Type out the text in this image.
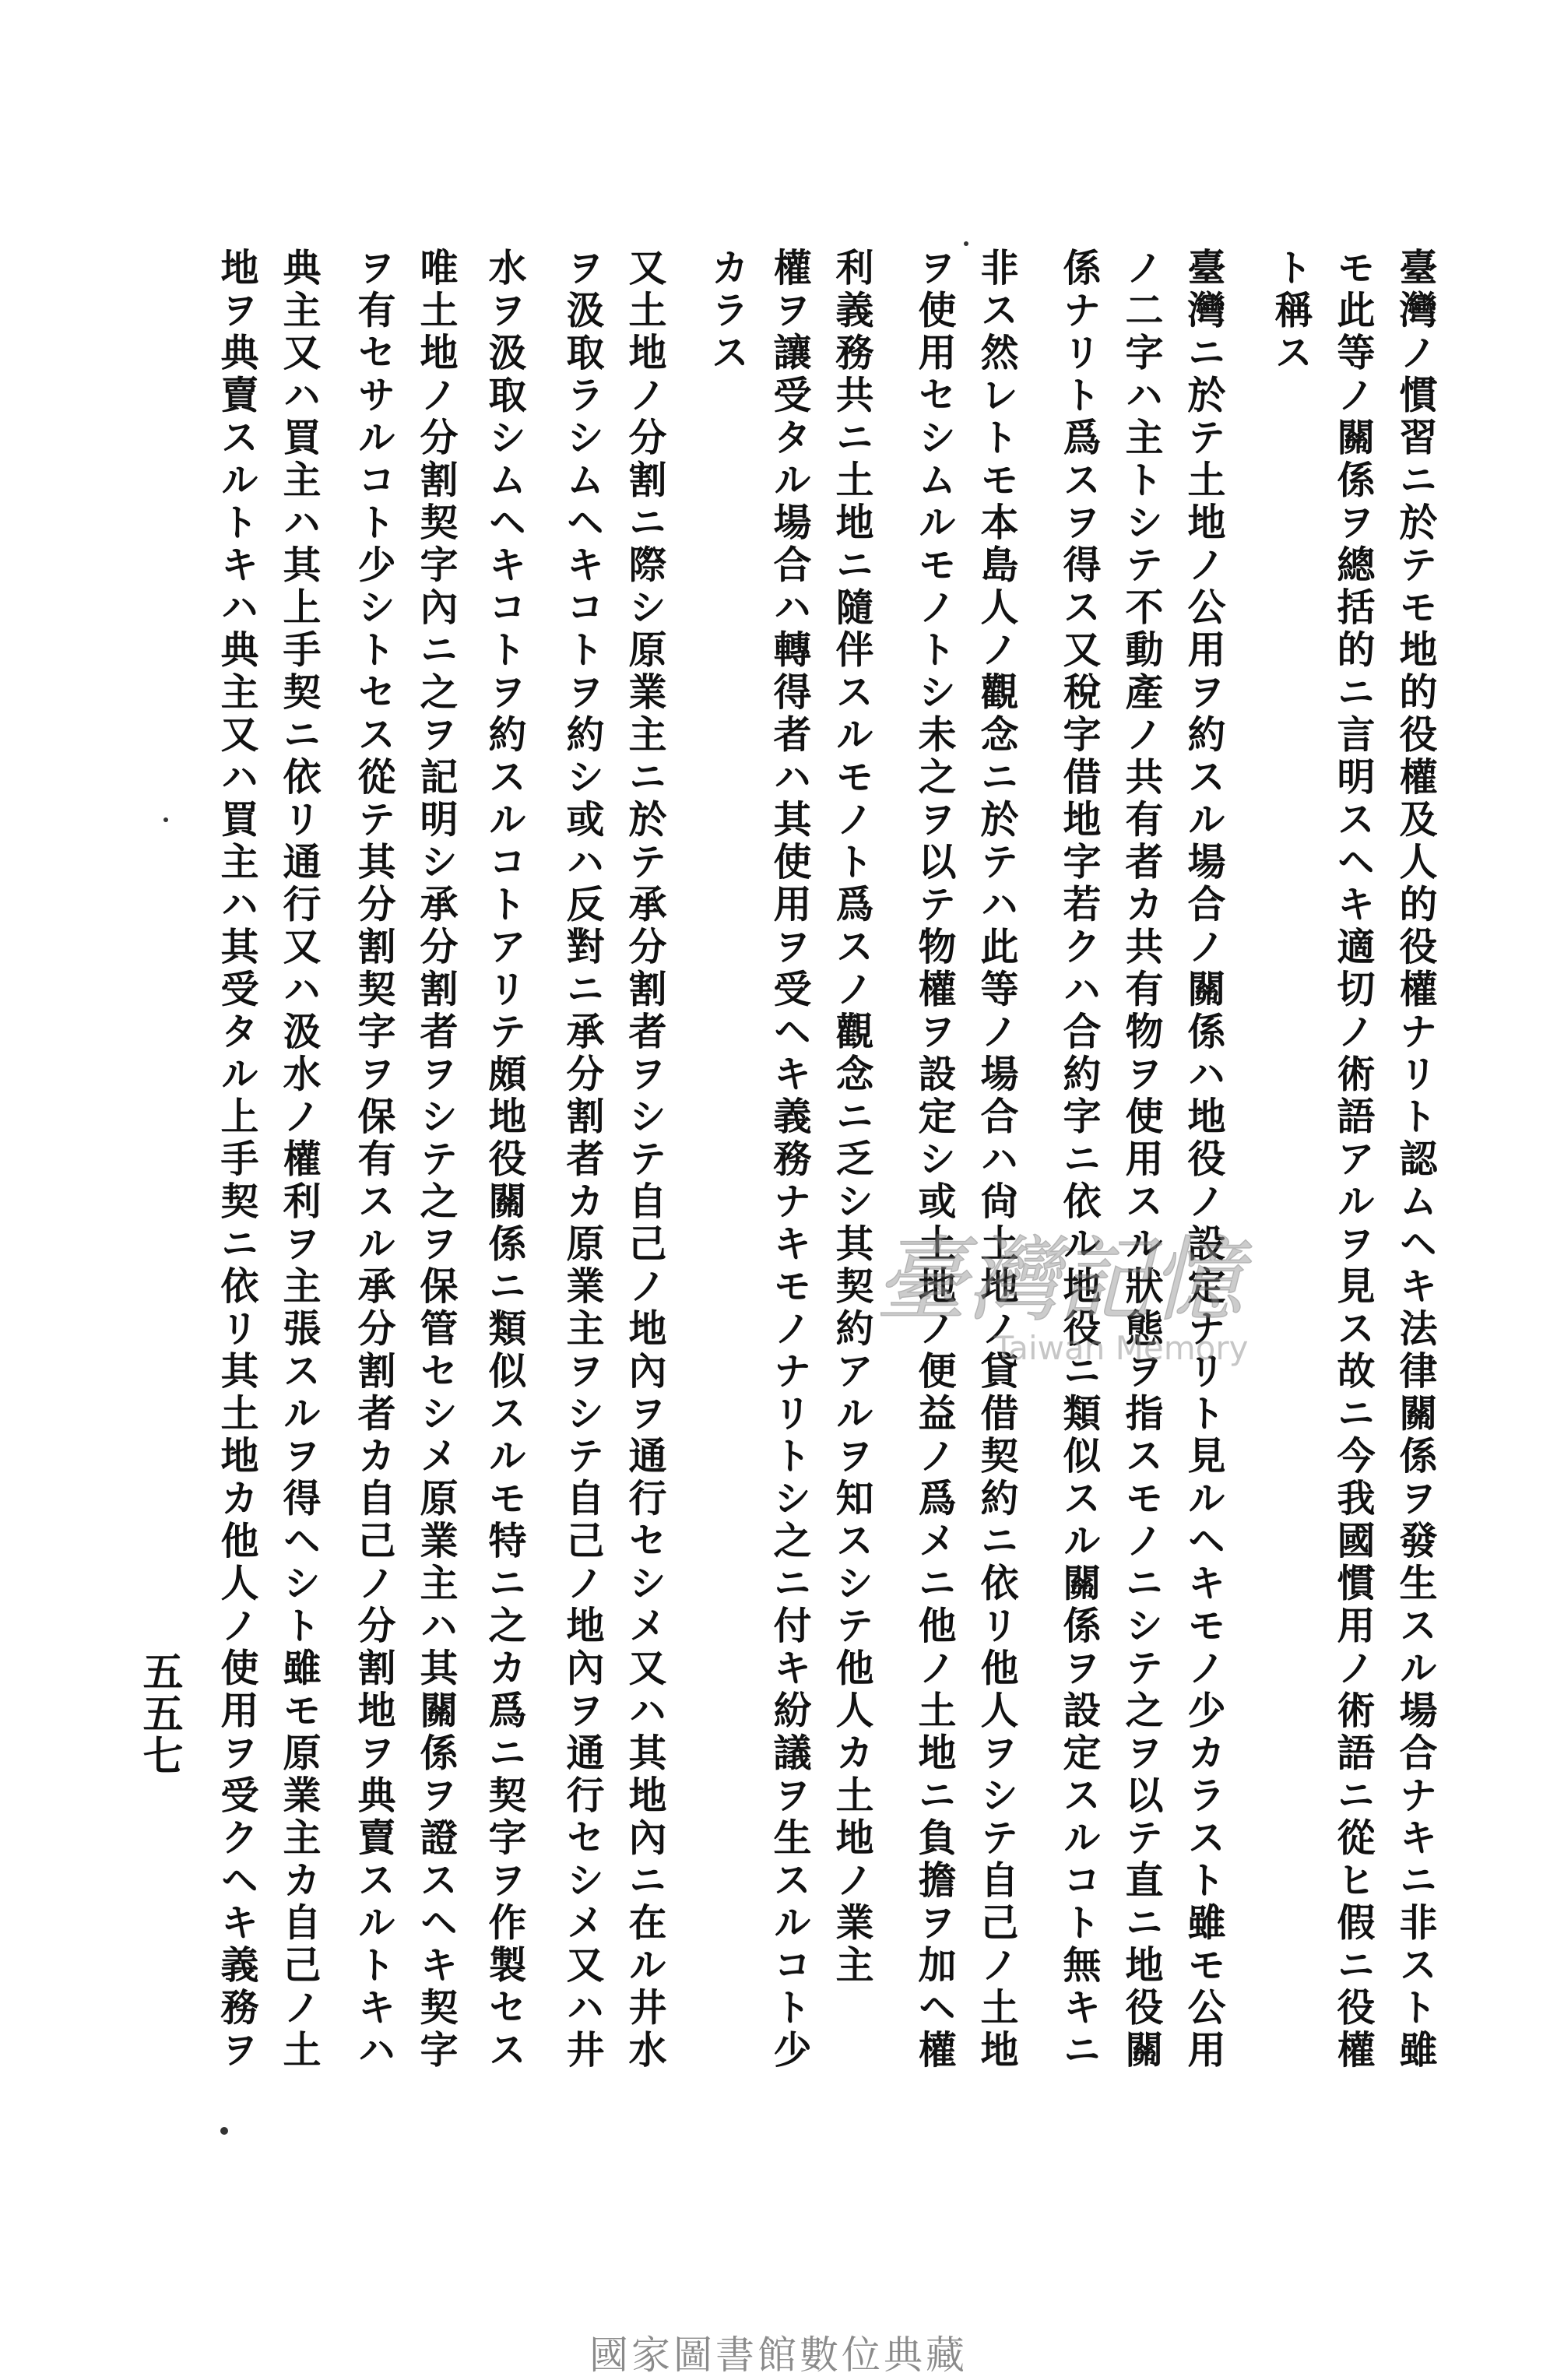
臺灣ノ慣習ニ於テモ地的役權及人的役權ナリト認ムヘキ法律關係ヲ發生スル場合ナキニ非スト雖
モ此等ノ關係ヲ總括的ニ言明スヘキ適切ノ術語アルヲ見ス故ニ今我國慣用ノ術語ニ從ヒ假ニ役權
ト稱ス
臺灣ニ於テ土地ノ公用ヲ約スル場合ノ關係ハ地役ノ設定ナリト見ルヘキモノ少カラスト雖モ公用
ノ二字ハ主トシテ不動產ノ共有者カ共有物ヲ使用スル狀態ヲ指スモノニシテ之ヲ以テ直ニ地役關
係ナリト爲スヲ得ス又稅字借地字若クハ合約字ニ依ル地役ニ類似スル關係ヲ設定スルコト無キニ
非ス然レトモ本島人ノ觀念ニ於テハ此等ノ場合ハ尙土地ノ貸借契約ニ依リ他人ヲシテ自己ノ土地
ヲ使用セシムルモノトシ未之ヲ以テ物權ヲ設定シ或土地ノ便益ノ爲メニ他ノ土地ニ負擔ヲ加ヘ權
利義務共ニ土地ニ隨伴スルモノト爲スノ觀念ニ乏シ其契約アルヲ知スシテ他人カ土地ノ業主
權ヲ讓受タル場合ハ轉得者ハ其使用ヲ受ヘキ義務ナキモノナリトシ之ニ付キ紛議ヲ生スルコト少
カラス
又土地ノ分割ニ際シ原業主ニ於テ承分割者ヲシテ自己ノ地內ヲ通行セシメ又ハ其地內ニ在ル井水
ヲ汲取ラシムヘキコトヲ約シ或ハ反對ニ承分割者カ原業主ヲシテ自己ノ地內ヲ通行セシメ又ハ井
水ヲ汲取シムヘキコトヲ約スルコトアリテ頗地役關係ニ類似スルモ特ニ之カ爲ニ契字ヲ作製セス
唯土地ノ分割契字內ニ之ヲ記明シ承分割者ヲシテ之ヲ保管セシメ原業主ハ其關係ヲ證スヘキ契字
ヲ有セサルコト少シトセス從テ其分割契字ヲ保有スル承分割者カ自己ノ分割地ヲ典賣スルトキハ
典主又ハ買主ハ其上手契ニ依リ通行又ハ汲水ノ權利ヲ主張スルヲ得ヘシト雖モ原業主カ自己ノ土
地ヲ典賣スルトキハ典主又ハ買主ハ其受タル上手契ニ依リ其土地カ他人ノ使用ヲ受クヘキ義務ヲ
五五七
臺灣記憶
Taiwan Memory
國家圖書館數位典藏
